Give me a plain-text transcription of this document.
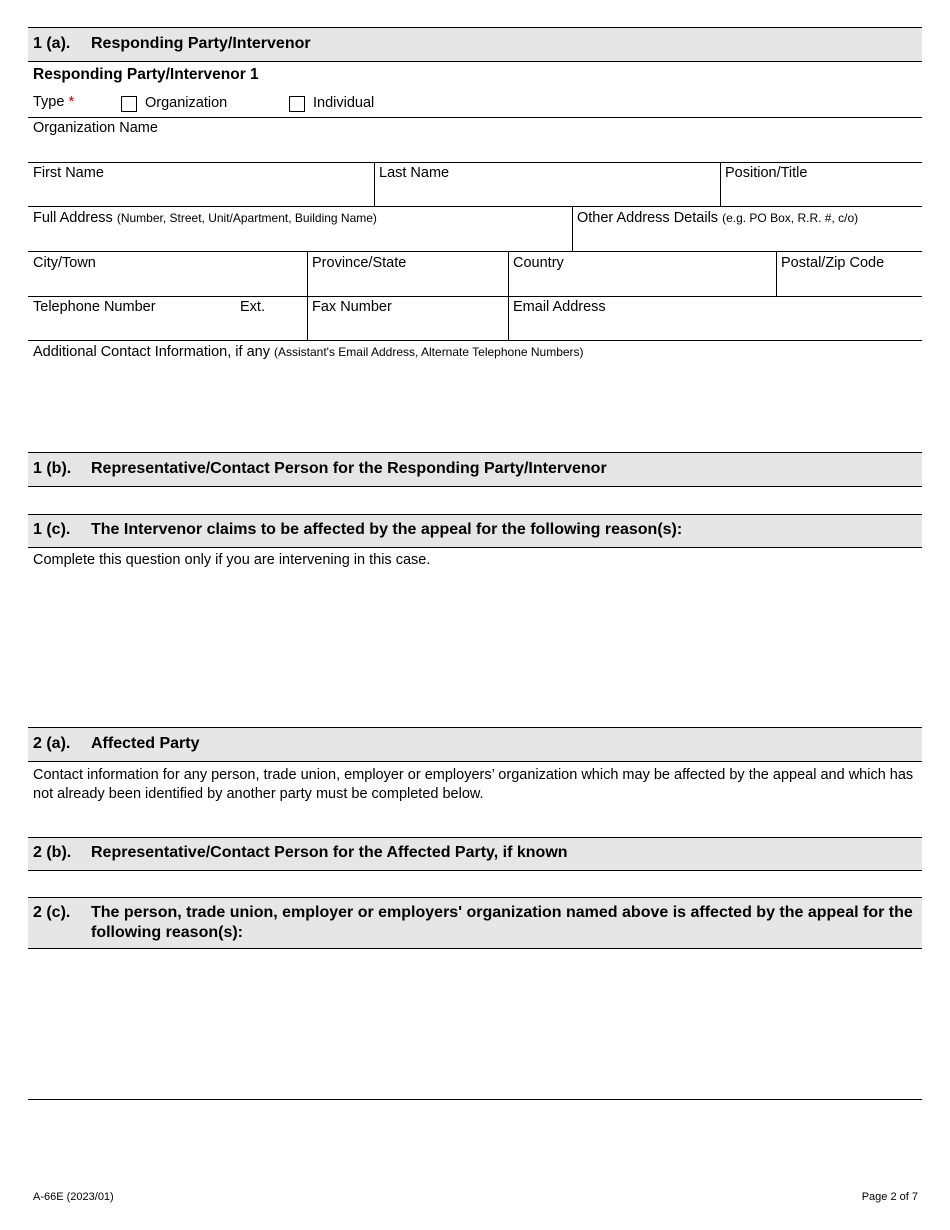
1 (a). Responding Party/Intervenor
Responding Party/Intervenor 1
Type *	Organization	Individual
Organization Name
First Name	Last Name	Position/Title
Full Address (Number, Street, Unit/Apartment, Building Name)	Other Address Details (e.g. PO Box, R.R. #, c/o)
City/Town	Province/State	Country	Postal/Zip Code
Telephone Number	Ext.	Fax Number	Email Address
Additional Contact Information, if any (Assistant's Email Address, Alternate Telephone Numbers)
1 (b). Representative/Contact Person for the Responding Party/Intervenor
1 (c). The Intervenor claims to be affected by the appeal for the following reason(s):
Complete this question only if you are intervening in this case.
2 (a). Affected Party
Contact information for any person, trade union, employer or employers’ organization which may be affected by the appeal and which has not already been identified by another party must be completed below.
2 (b). Representative/Contact Person for the Affected Party, if known
2 (c). The person, trade union, employer or employers' organization named above is affected by the appeal for the following reason(s):
A-66E (2023/01)	Page 2 of 7
